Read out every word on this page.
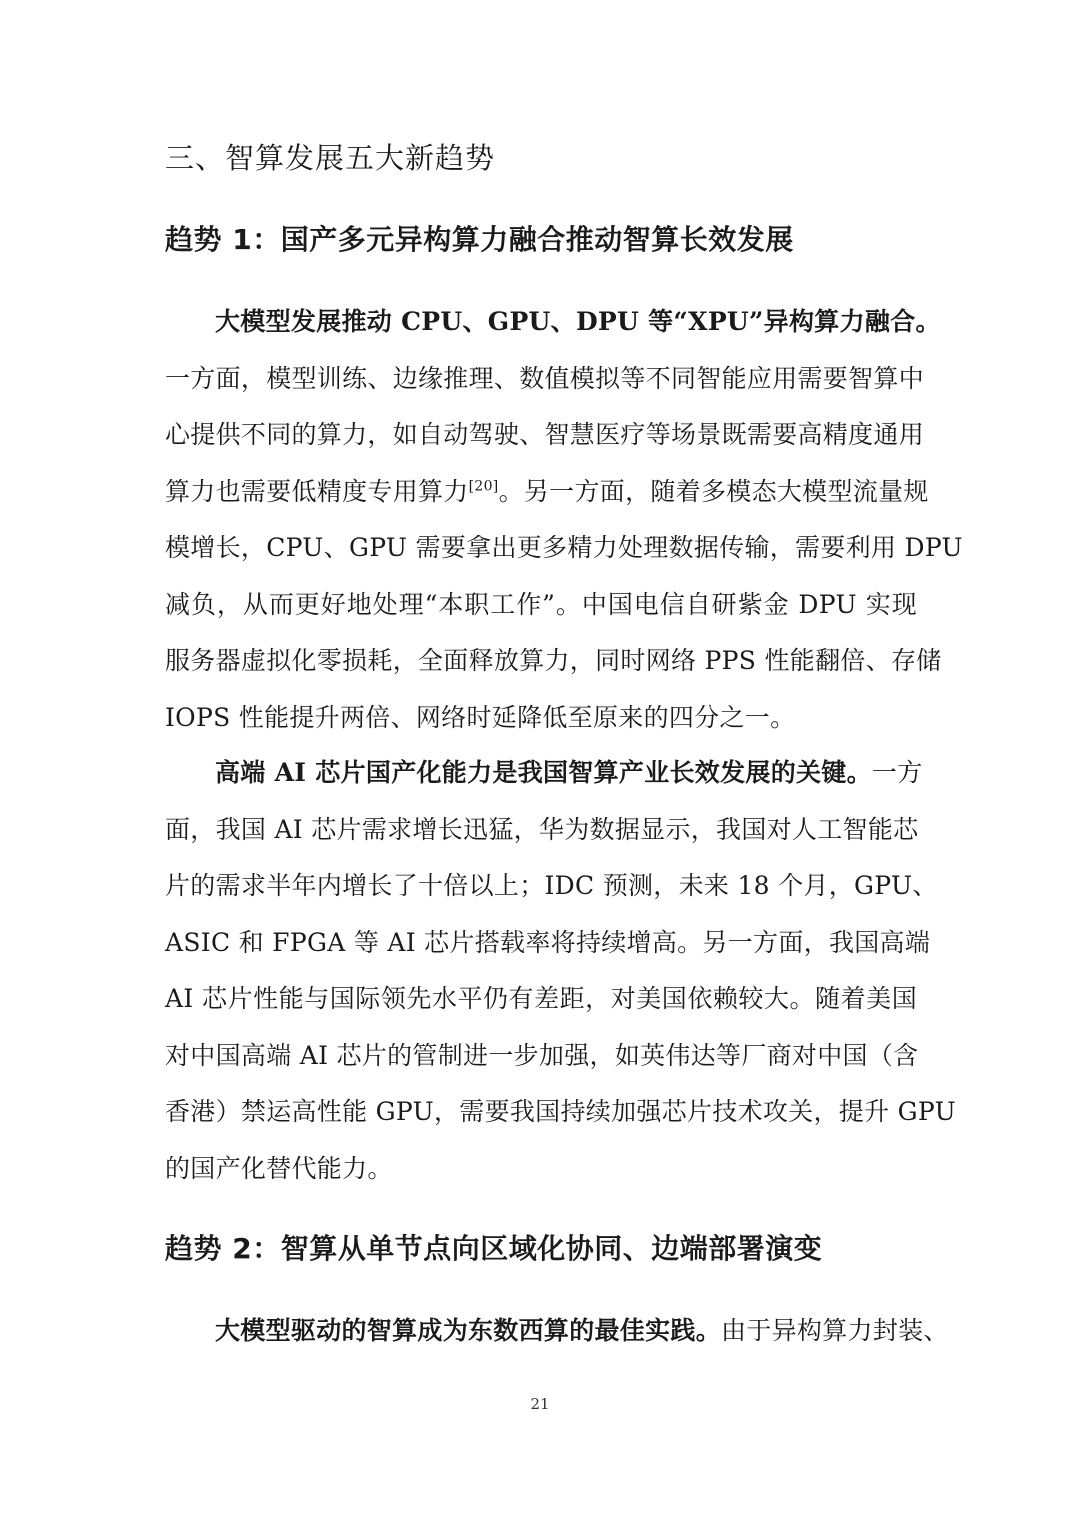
三、智算发展五大新趋势
趋势 1：国产多元异构算力融合推动智算长效发展
大模型发展推动 CPU、GPU、DPU 等“XPU”异构算力融合。
一方面，模型训练、边缘推理、数值模拟等不同智能应用需要智算中
心提供不同的算力，如自动驾驶、智慧医疗等场景既需要高精度通用
算力也需要低精度专用算力[20]。另一方面，随着多模态大模型流量规
模增长，CPU、GPU 需要拿出更多精力处理数据传输，需要利用 DPU
减负，从而更好地处理“本职工作”。中国电信自研紫金 DPU 实现
服务器虚拟化零损耗，全面释放算力，同时网络 PPS 性能翻倍、存储
IOPS 性能提升两倍、网络时延降低至原来的四分之一。
高端 AI 芯片国产化能力是我国智算产业长效发展的关键。一方
面，我国 AI 芯片需求增长迅猛，华为数据显示，我国对人工智能芯
片的需求半年内增长了十倍以上；IDC 预测，未来 18 个月，GPU、
ASIC 和 FPGA 等 AI 芯片搭载率将持续增高。另一方面，我国高端
AI 芯片性能与国际领先水平仍有差距，对美国依赖较大。随着美国
对中国高端 AI 芯片的管制进一步加强，如英伟达等厂商对中国（含
香港）禁运高性能 GPU，需要我国持续加强芯片技术攻关，提升 GPU
的国产化替代能力。
趋势 2：智算从单节点向区域化协同、边端部署演变
大模型驱动的智算成为东数西算的最佳实践。由于异构算力封装、
21
